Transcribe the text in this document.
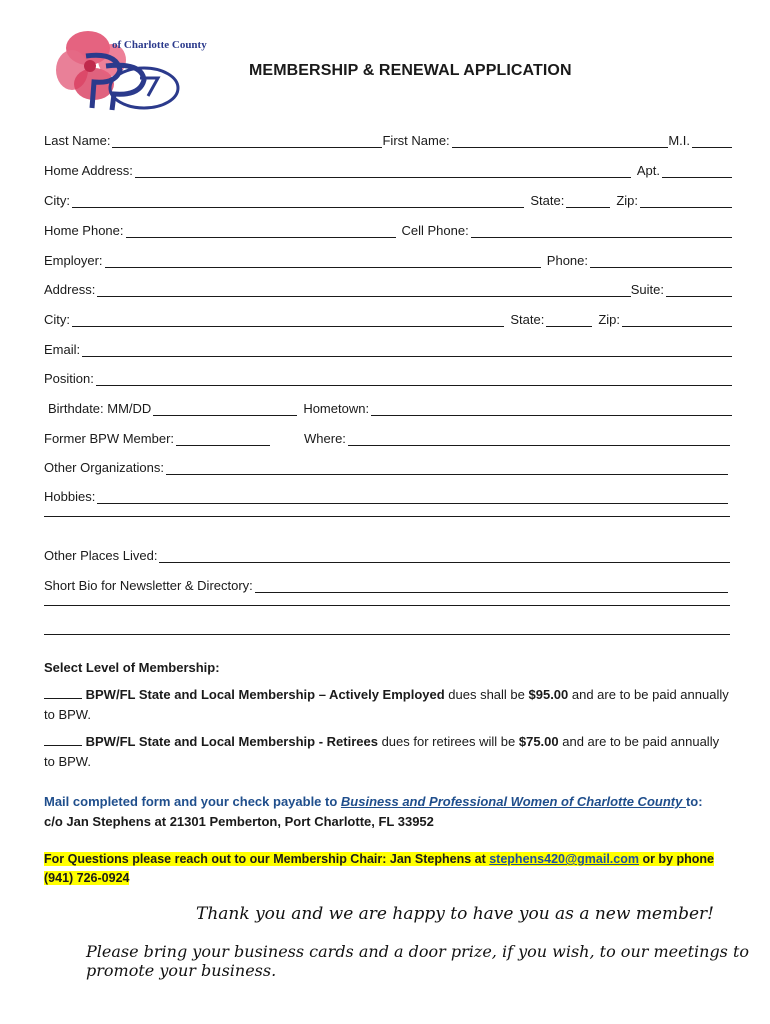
of Charlotte County
MEMBERSHIP & RENEWAL APPLICATION
Last Name:	First Name:	M.I.
Home Address:	Apt.
City:	State:	Zip:
Home Phone:	Cell Phone:
Employer:	Phone:
Address:	Suite:
City:	State:	Zip:
Email:
Position:
Birthdate: MM/DD	Hometown:
Former BPW Member:	Where:
Other Organizations:
Hobbies:
Other Places Lived:
Short Bio for Newsletter & Directory:
Select Level of Membership:
BPW/FL State and Local Membership – Actively Employed dues shall be $95.00 and are to be paid annually to BPW.
BPW/FL State and Local Membership - Retirees dues for retirees will be $75.00 and are to be paid annually to BPW.
Mail completed form and your check payable to Business and Professional Women of Charlotte County to:
c/o Jan Stephens at 21301 Pemberton, Port Charlotte, FL 33952
For Questions please reach out to our Membership Chair: Jan Stephens at stephens420@gmail.com or by phone (941) 726-0924
Thank you and we are happy to have you as a new member!
Please bring your business cards and a door prize, if you wish, to our meetings to promote your business.
